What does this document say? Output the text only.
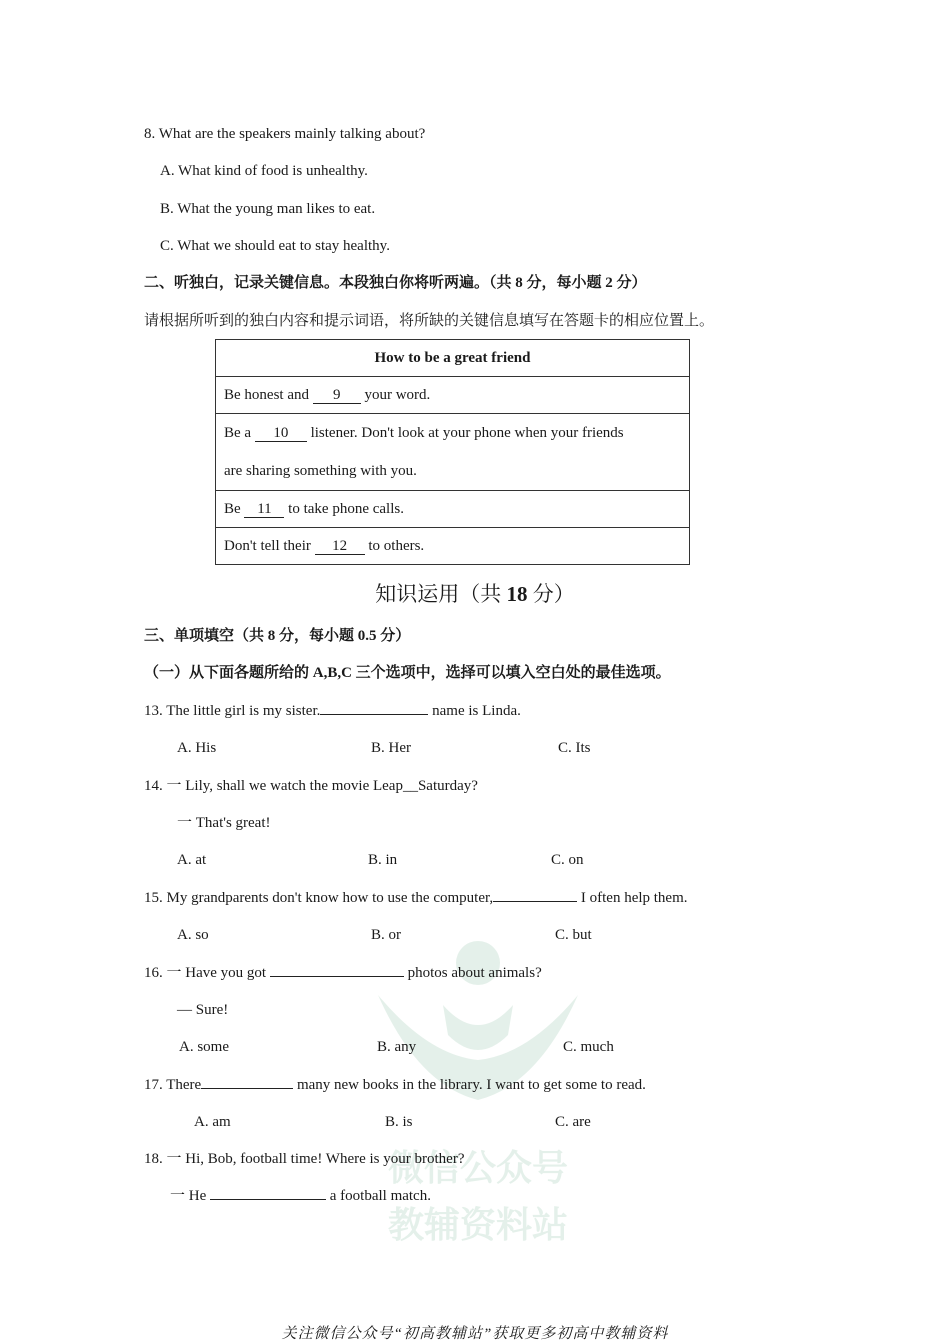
8. What are the speakers mainly talking about?
A. What kind of food is unhealthy.
B. What the young man likes to eat.
C. What we should eat to stay healthy.
二、听独白，记录关键信息。本段独白你将听两遍。（共 8 分，每小题 2 分）
请根据所听到的独白内容和提示词语，将所缺的关键信息填写在答题卡的相应位置上。
How to be a great friend
Be honest and 9 your word.
Be a 10 listener. Don't look at your phone when your friends
are sharing something with you.
Be 11 to take phone calls.
Don't tell their 12 to others.
知识运用（共 18 分）
三、单项填空（共 8 分，每小题 0.5 分）
（一）从下面各题所给的 A,B,C 三个选项中，选择可以填入空白处的最佳选项。
13. The little girl is my sister.	name is Linda.
A. His	B. Her	C. Its
14. 一 Lily, shall we watch the movie Leap__Saturday?
一 That's great!
A. at	B. in	C. on
15. My grandparents don't know how to use the computer,	I often help them.
A. so	B. or	C. but
微信公众号
教辅资料站
16. 一 Have you got	photos about animals?
— Sure!
A. some	B. any	C. much
17. There	many new books in the library. I want to get some to read.
A. am	B. is	C. are
18. 一 Hi, Bob, football time! Where is your brother?
一 He	a football match.
关注微信公众号“初高教辅站”获取更多初高中教辅资料
